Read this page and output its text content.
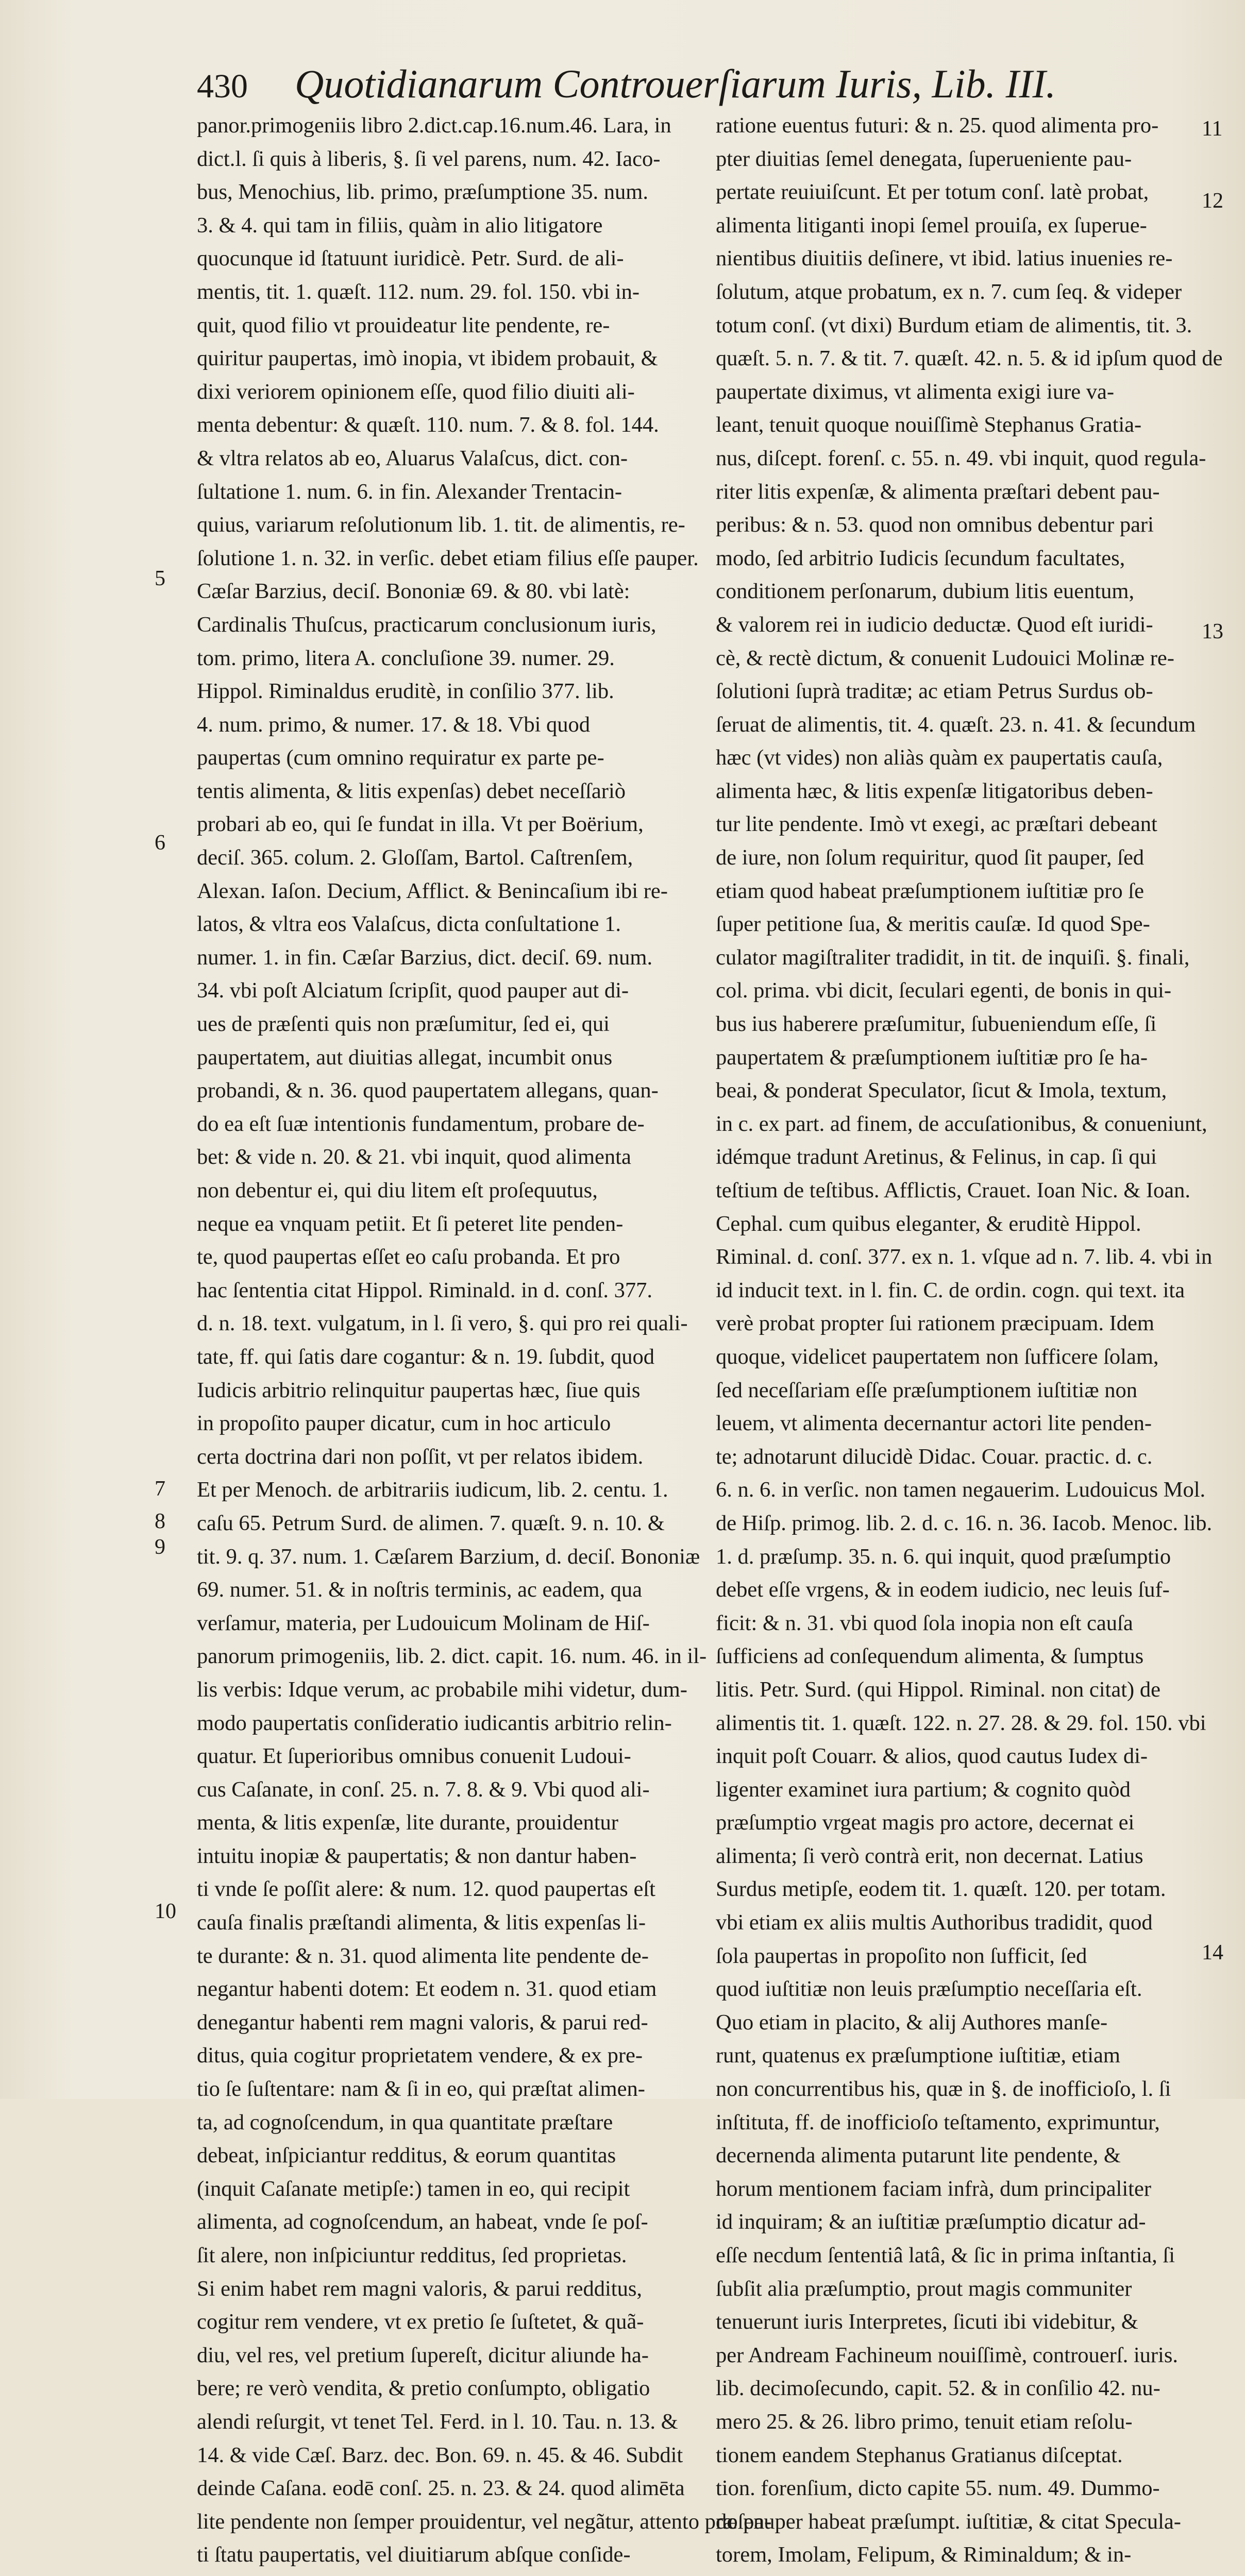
430	Quotidianarum Controuerſiarum Iuris, Lib. III.
panor.primogeniis libro 2.dict.cap.16.num.46. Lara, in
dict.l. ſi quis à liberis, §. ſi vel parens, num. 42. Iaco-
bus, Menochius, lib. primo, præſumptione 35. num.
3. & 4. qui tam in filiis, quàm in alio litigatore
quocunque id ſtatuunt iuridicè. Petr. Surd. de ali-
mentis, tit. 1. quæſt. 112. num. 29. fol. 150. vbi in-
quit, quod filio vt prouideatur lite pendente, re-
quiritur paupertas, imò inopia, vt ibidem probauit, &
dixi veriorem opinionem eſſe, quod filio diuiti ali-
menta debentur: & quæſt. 110. num. 7. & 8. fol. 144.
& vltra relatos ab eo, Aluarus Valaſcus, dict. con-
ſultatione 1. num. 6. in fin. Alexander Trentacin-
quius, variarum reſolutionum lib. 1. tit. de alimentis, re-
ſolutione 1. n. 32. in verſic. debet etiam filius eſſe pauper.
Cæſar Barzius, deciſ. Bononiæ 69. & 80. vbi latè:
Cardinalis Thuſcus, practicarum conclusionum iuris,
tom. primo, litera A. concluſione 39. numer. 29.
Hippol. Riminaldus eruditè, in conſilio 377. lib.
4. num. primo, & numer. 17. & 18. Vbi quod
paupertas (cum omnino requiratur ex parte pe-
tentis alimenta, & litis expenſas) debet neceſſariò
probari ab eo, qui ſe fundat in illa. Vt per Boërium,
deciſ. 365. colum. 2. Gloſſam, Bartol. Caſtrenſem,
Alexan. Iaſon. Decium, Afflict. & Benincaſium ibi re-
latos, & vltra eos Valaſcus, dicta conſultatione 1.
numer. 1. in fin. Cæſar Barzius, dict. deciſ. 69. num.
34. vbi poſt Alciatum ſcripſit, quod pauper aut di-
ues de præſenti quis non præſumitur, ſed ei, qui
paupertatem, aut diuitias allegat, incumbit onus
probandi, & n. 36. quod paupertatem allegans, quan-
do ea eſt ſuæ intentionis fundamentum, probare de-
bet: & vide n. 20. & 21. vbi inquit, quod alimenta
non debentur ei, qui diu litem eſt proſequutus,
neque ea vnquam petiit. Et ſi peteret lite penden-
te, quod paupertas eſſet eo caſu probanda. Et pro
hac ſententia citat Hippol. Riminald. in d. conſ. 377.
d. n. 18. text. vulgatum, in l. ſi vero, §. qui pro rei quali-
tate, ff. qui ſatis dare cogantur: & n. 19. ſubdit, quod
Iudicis arbitrio relinquitur paupertas hæc, ſiue quis
in propoſito pauper dicatur, cum in hoc articulo
certa doctrina dari non poſſit, vt per relatos ibidem.
Et per Menoch. de arbitrariis iudicum, lib. 2. centu. 1.
caſu 65. Petrum Surd. de alimen. 7. quæſt. 9. n. 10. &
tit. 9. q. 37. num. 1. Cæſarem Barzium, d. deciſ. Bononiæ
69. numer. 51. & in noſtris terminis, ac eadem, qua
verſamur, materia, per Ludouicum Molinam de Hiſ-
panorum primogeniis, lib. 2. dict. capit. 16. num. 46. in il-
lis verbis: Idque verum, ac probabile mihi videtur, dum-
modo paupertatis conſideratio iudicantis arbitrio relin-
quatur. Et ſuperioribus omnibus conuenit Ludoui-
cus Caſanate, in conſ. 25. n. 7. 8. & 9. Vbi quod ali-
menta, & litis expenſæ, lite durante, prouidentur
intuitu inopiæ & paupertatis; & non dantur haben-
ti vnde ſe poſſit alere: & num. 12. quod paupertas eſt
cauſa finalis præſtandi alimenta, & litis expenſas li-
te durante: & n. 31. quod alimenta lite pendente de-
negantur habenti dotem: Et eodem n. 31. quod etiam
denegantur habenti rem magni valoris, & parui red-
ditus, quia cogitur proprietatem vendere, & ex pre-
tio ſe ſuſtentare: nam & ſi in eo, qui præſtat alimen-
ta, ad cognoſcendum, in qua quantitate præſtare
debeat, inſpiciantur redditus, & eorum quantitas
(inquit Caſanate metipſe:) tamen in eo, qui recipit
alimenta, ad cognoſcendum, an habeat, vnde ſe poſ-
ſit alere, non inſpiciuntur redditus, ſed proprietas.
Si enim habet rem magni valoris, & parui redditus,
cogitur rem vendere, vt ex pretio ſe ſuſtetet, & quã-
diu, vel res, vel pretium ſupereſt, dicitur aliunde ha-
bere; re verò vendita, & pretio conſumpto, obligatio
alendi reſurgit, vt tenet Tel. Ferd. in l. 10. Tau. n. 13. &
14. & vide Cæſ. Barz. dec. Bon. 69. n. 45. & 46. Subdit
deinde Caſana. eodē conſ. 25. n. 23. & 24. quod alimēta
lite pendente non ſemper prouidentur, vel negãtur, attento præſen-
ti ſtatu paupertatis, vel diuitiarum abſque conſide-
ratione euentus futuri: & n. 25. quod alimenta pro-
pter diuitias ſemel denegata, ſuperueniente pau-
pertate reuiuiſcunt. Et per totum conſ. latè probat,
alimenta litiganti inopi ſemel prouiſa, ex ſuperue-
nientibus diuitiis deſinere, vt ibid. latius inuenies re-
ſolutum, atque probatum, ex n. 7. cum ſeq. & videper
totum conſ. (vt dixi) Burdum etiam de alimentis, tit. 3.
quæſt. 5. n. 7. & tit. 7. quæſt. 42. n. 5. & id ipſum quod de
paupertate diximus, vt alimenta exigi iure va-
leant, tenuit quoque nouiſſimè Stephanus Gratia-
nus, diſcept. forenſ. c. 55. n. 49. vbi inquit, quod regula-
riter litis expenſæ, & alimenta præſtari debent pau-
peribus: & n. 53. quod non omnibus debentur pari
modo, ſed arbitrio Iudicis ſecundum facultates,
conditionem perſonarum, dubium litis euentum,
& valorem rei in iudicio deductæ. Quod eſt iuridi-
cè, & rectè dictum, & conuenit Ludouici Molinæ re-
ſolutioni ſuprà traditæ; ac etiam Petrus Surdus ob-
ſeruat de alimentis, tit. 4. quæſt. 23. n. 41. & ſecundum
hæc (vt vides) non aliàs quàm ex paupertatis cauſa,
alimenta hæc, & litis expenſæ litigatoribus deben-
tur lite pendente. Imò vt exegi, ac præſtari debeant
de iure, non ſolum requiritur, quod ſit pauper, ſed
etiam quod habeat præſumptionem iuſtitiæ pro ſe
ſuper petitione ſua, & meritis cauſæ. Id quod Spe-
culator magiſtraliter tradidit, in tit. de inquiſi. §. finali,
col. prima. vbi dicit, ſeculari egenti, de bonis in qui-
bus ius haberere præſumitur, ſubueniendum eſſe, ſi
paupertatem & præſumptionem iuſtitiæ pro ſe ha-
beai, & ponderat Speculator, ſicut & Imola, textum,
in c. ex part. ad finem, de accuſationibus, & conueniunt,
idémque tradunt Aretinus, & Felinus, in cap. ſi qui
teſtium de teſtibus. Afflictis, Crauet. Ioan Nic. & Ioan.
Cephal. cum quibus eleganter, & eruditè Hippol.
Riminal. d. conſ. 377. ex n. 1. vſque ad n. 7. lib. 4. vbi in
id inducit text. in l. fin. C. de ordin. cogn. qui text. ita
verè probat propter ſui rationem præcipuam. Idem
quoque, videlicet paupertatem non ſufficere ſolam,
ſed neceſſariam eſſe præſumptionem iuſtitiæ non
leuem, vt alimenta decernantur actori lite penden-
te; adnotarunt dilucidè Didac. Couar. practic. d. c.
6. n. 6. in verſic. non tamen negauerim. Ludouicus Mol.
de Hiſp. primog. lib. 2. d. c. 16. n. 36. Iacob. Menoc. lib.
1. d. præſump. 35. n. 6. qui inquit, quod præſumptio
debet eſſe vrgens, & in eodem iudicio, nec leuis ſuf-
ficit: & n. 31. vbi quod ſola inopia non eſt cauſa
ſufficiens ad conſequendum alimenta, & ſumptus
litis. Petr. Surd. (qui Hippol. Riminal. non citat) de
alimentis tit. 1. quæſt. 122. n. 27. 28. & 29. fol. 150. vbi
inquit poſt Couarr. & alios, quod cautus Iudex di-
ligenter examinet iura partium; & cognito quòd
præſumptio vrgeat magis pro actore, decernat ei
alimenta; ſi verò contrà erit, non decernat. Latius
Surdus metipſe, eodem tit. 1. quæſt. 120. per totam.
vbi etiam ex aliis multis Authoribus tradidit, quod
ſola paupertas in propoſito non ſufficit, ſed
quod iuſtitiæ non leuis præſumptio neceſſaria eſt.
Quo etiam in placito, & alij Authores manſe-
runt, quatenus ex præſumptione iuſtitiæ, etiam
non concurrentibus his, quæ in §. de inofficioſo, l. ſi
inſtituta, ff. de inofficioſo teſtamento, exprimuntur,
decernenda alimenta putarunt lite pendente, &
horum mentionem faciam infrà, dum principaliter
id inquiram; & an iuſtitiæ præſumptio dicatur ad-
eſſe necdum ſententiâ latâ, & ſic in prima inſtantia, ſi
ſubſit alia præſumptio, prout magis communiter
tenuerunt iuris Interpretes, ſicuti ibi videbitur, &
per Andream Fachineum nouiſſimè, controuerſ. iuris.
lib. decimoſecundo, capit. 52. & in conſilio 42. nu-
mero 25. & 26. libro primo, tenuit etiam reſolu-
tionem eandem Stephanus Gratianus diſceptat.
tion. forenſium, dicto capite 55. num. 49. Dummo-
do pauper habeat præſumpt. iuſtitiæ, & citat Specula-
torem, Imolam, Felipum, & Riminaldum; & in-
5
6
7
8
9
10
11
12
13
14
